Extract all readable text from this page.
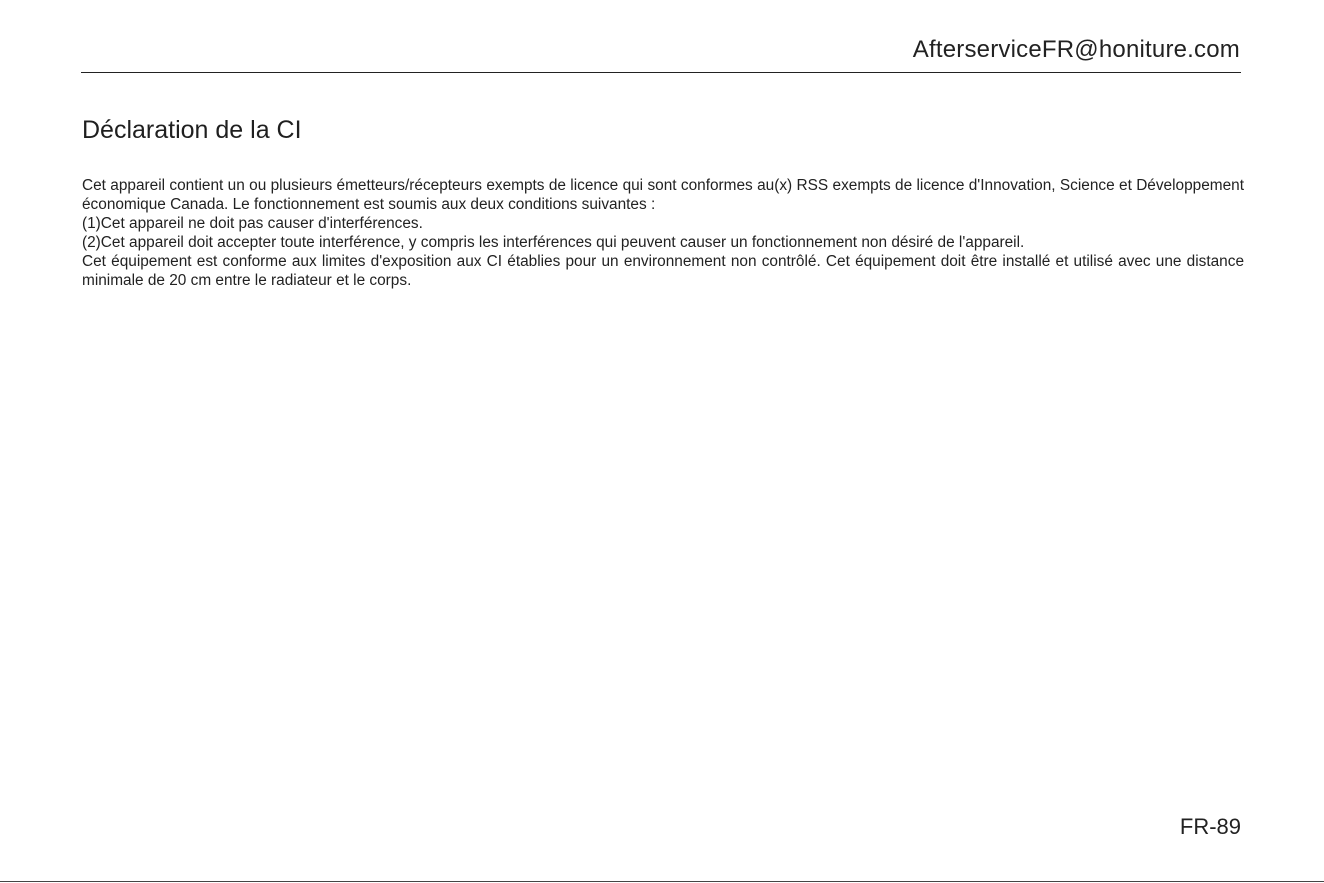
AfterserviceFR@honiture.com
Déclaration de la CI

Cet appareil contient un ou plusieurs émetteurs/récepteurs exempts de licence qui sont conformes au(x) RSS exempts de licence d'Innovation, Science et Développement économique Canada. Le fonctionnement est soumis aux deux conditions suivantes :

(1)Cet appareil ne doit pas causer d'interférences.

(2)Cet appareil doit accepter toute interférence, y compris les interférences qui peuvent causer un fonctionnement non désiré de l'appareil.

Cet équipement est conforme aux limites d'exposition aux CI établies pour un environnement non contrôlé. Cet équipement doit être installé et utilisé avec une distance minimale de 20 cm entre le radiateur et le corps.

FR-89
